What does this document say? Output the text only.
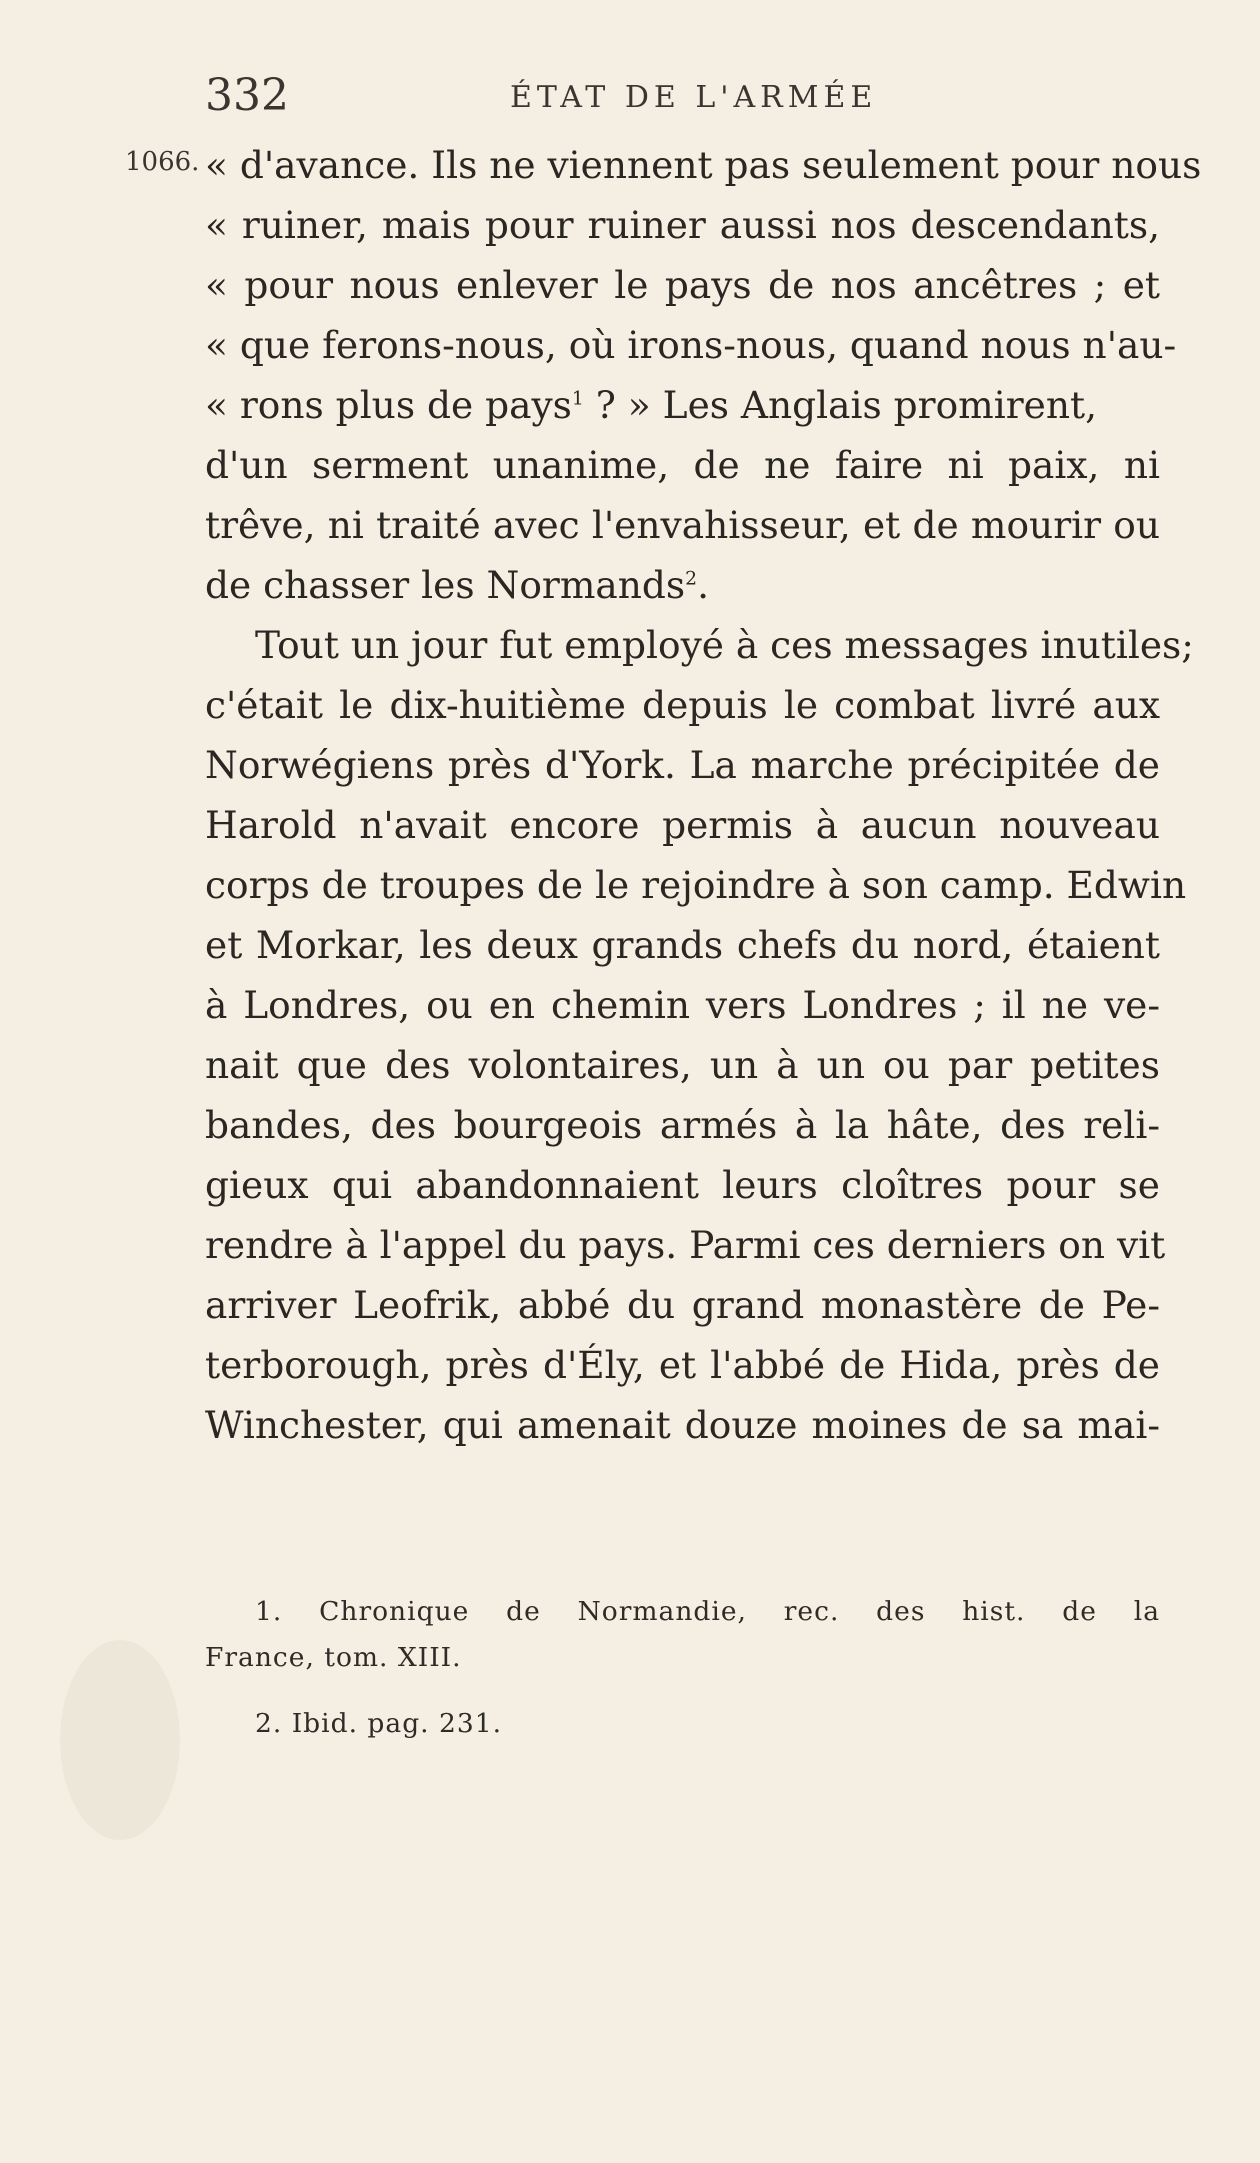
332	ÉTAT DE L'ARMÉE
1066. « d'avance. Ils ne viennent pas seulement pour nous
« ruiner, mais pour ruiner aussi nos descendants,
« pour nous enlever le pays de nos ancêtres ; et
« que ferons-nous, où irons-nous, quand nous n'au-
« rons plus de pays$^1$ ? » Les Anglais promirent,
d'un serment unanime, de ne faire ni paix, ni
trêve, ni traité avec l'envahisseur, et de mourir ou
de chasser les Normands$^2$.
Tout un jour fut employé à ces messages inutiles;
c'était le dix-huitième depuis le combat livré aux
Norwégiens près d'York. La marche précipitée de
Harold n'avait encore permis à aucun nouveau
corps de troupes de le rejoindre à son camp. Edwin
et Morkar, les deux grands chefs du nord, étaient
à Londres, ou en chemin vers Londres ; il ne ve-
nait que des volontaires, un à un ou par petites
bandes, des bourgeois armés à la hâte, des reli-
gieux qui abandonnaient leurs cloîtres pour se
rendre à l'appel du pays. Parmi ces derniers on vit
arriver Leofrik, abbé du grand monastère de Pe-
terborough, près d'Ély, et l'abbé de Hida, près de
Winchester, qui amenait douze moines de sa mai-
1. Chronique de Normandie, rec. des hist. de la
France, tom. XIII.
2. Ibid. pag. 231.
